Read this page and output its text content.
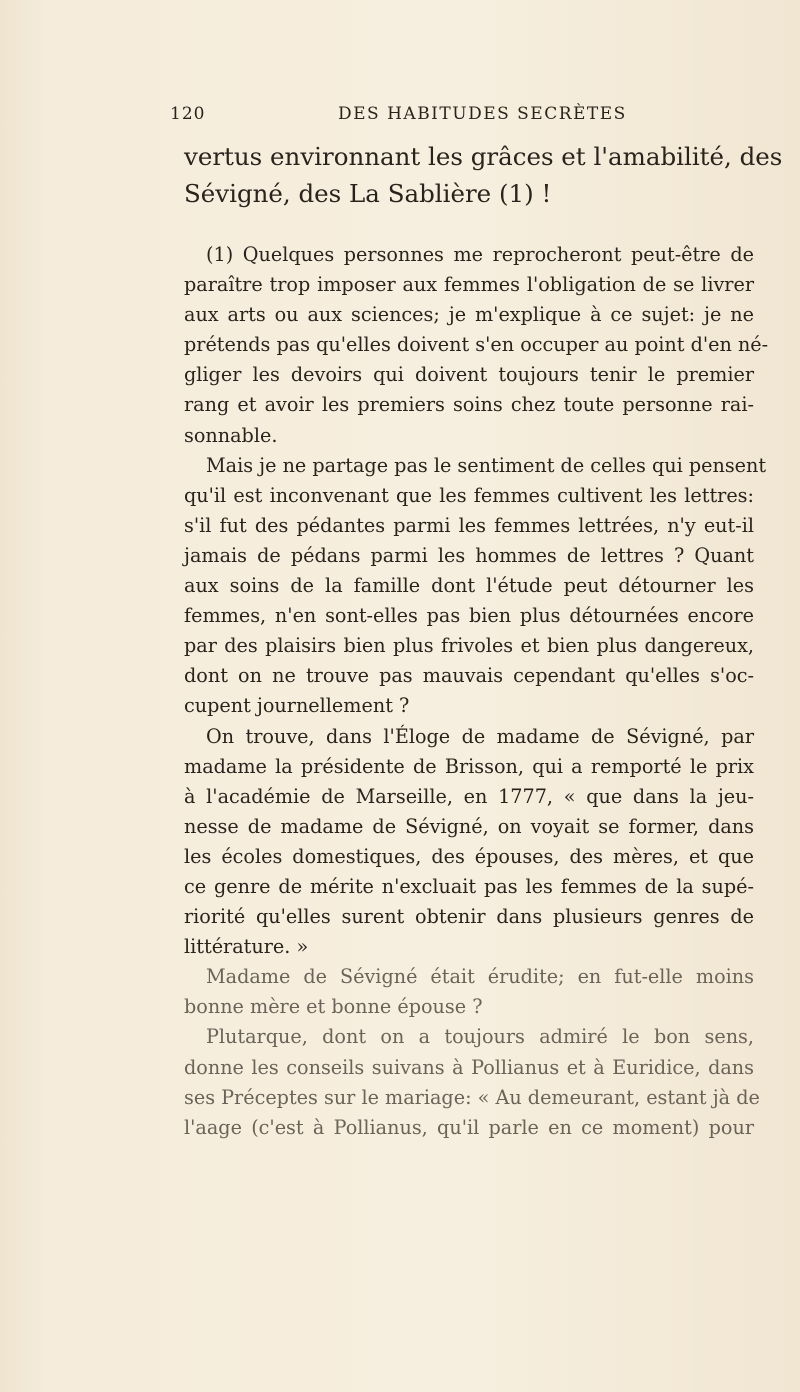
120	DES HABITUDES SECRÈTES
vertus environnant les grâces et l'amabilité, des
Sévigné, des La Sablière (1) !
(1) Quelques personnes me reprocheront peut-être de
paraître trop imposer aux femmes l'obligation de se livrer
aux arts ou aux sciences; je m'explique à ce sujet: je ne
prétends pas qu'elles doivent s'en occuper au point d'en né-
gliger les devoirs qui doivent toujours tenir le premier
rang et avoir les premiers soins chez toute personne rai-
sonnable.
Mais je ne partage pas le sentiment de celles qui pensent
qu'il est inconvenant que les femmes cultivent les lettres:
s'il fut des pédantes parmi les femmes lettrées, n'y eut-il
jamais de pédans parmi les hommes de lettres ? Quant
aux soins de la famille dont l'étude peut détourner les
femmes, n'en sont-elles pas bien plus détournées encore
par des plaisirs bien plus frivoles et bien plus dangereux,
dont on ne trouve pas mauvais cependant qu'elles s'oc-
cupent journellement ?
On trouve, dans l'Éloge de madame de Sévigné, par
madame la présidente de Brisson, qui a remporté le prix
à l'académie de Marseille, en 1777, « que dans la jeu-
nesse de madame de Sévigné, on voyait se former, dans
les écoles domestiques, des épouses, des mères, et que
ce genre de mérite n'excluait pas les femmes de la supé-
riorité qu'elles surent obtenir dans plusieurs genres de
littérature. »
Madame de Sévigné était érudite; en fut-elle moins
bonne mère et bonne épouse ?
Plutarque, dont on a toujours admiré le bon sens,
donne les conseils suivans à Pollianus et à Euridice, dans
ses Préceptes sur le mariage: « Au demeurant, estant jà de
l'aage (c'est à Pollianus, qu'il parle en ce moment) pour
